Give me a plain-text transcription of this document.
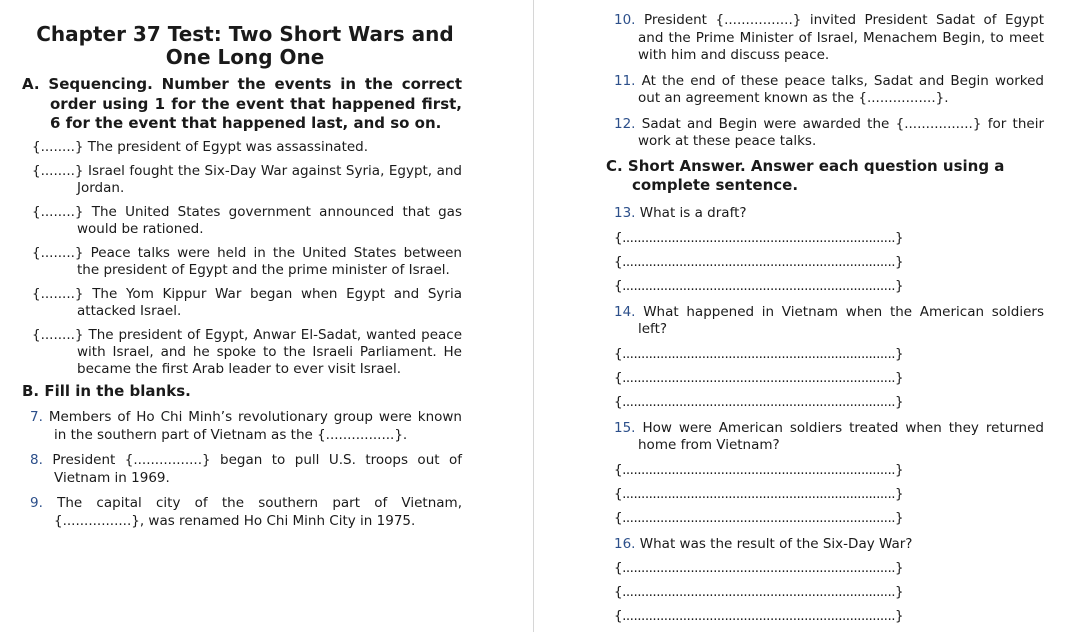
Chapter 37 Test: Two Short Wars and One Long One
A. Sequencing. Number the events in the correct order using 1 for the event that happened first, 6 for the event that happened last, and so on.
{........} The president of Egypt was assassinated.
{........} Israel fought the Six-Day War against Syria, Egypt, and Jordan.
{........} The United States government announced that gas would be rationed.
{........} Peace talks were held in the United States between the president of Egypt and the prime minister of Israel.
{........} The Yom Kippur War began when Egypt and Syria attacked Israel.
{........} The president of Egypt, Anwar El-Sadat, wanted peace with Israel, and he spoke to the Israeli Parliament. He became the first Arab leader to ever visit Israel.
B. Fill in the blanks.
7. Members of Ho Chi Minh’s revolutionary group were known in the southern part of Vietnam as the {................}.
8. President {................} began to pull U.S. troops out of Vietnam in 1969.
9. The capital city of the southern part of Vietnam, {................}, was renamed Ho Chi Minh City in 1975.
10. President {................} invited President Sadat of Egypt and the Prime Minister of Israel, Menachem Begin, to meet with him and discuss peace.
11. At the end of these peace talks, Sadat and Begin worked out an agreement known as the {................}.
12. Sadat and Begin were awarded the {................} for their work at these peace talks.
C. Short Answer. Answer each question using a complete sentence.
13. What is a draft?
{........................................................................}
{........................................................................}
{........................................................................}
14. What happened in Vietnam when the American soldiers left?
{........................................................................}
{........................................................................}
{........................................................................}
15. How were American soldiers treated when they returned home from Vietnam?
{........................................................................}
{........................................................................}
{........................................................................}
16. What was the result of the Six-Day War?
{........................................................................}
{........................................................................}
{........................................................................}
